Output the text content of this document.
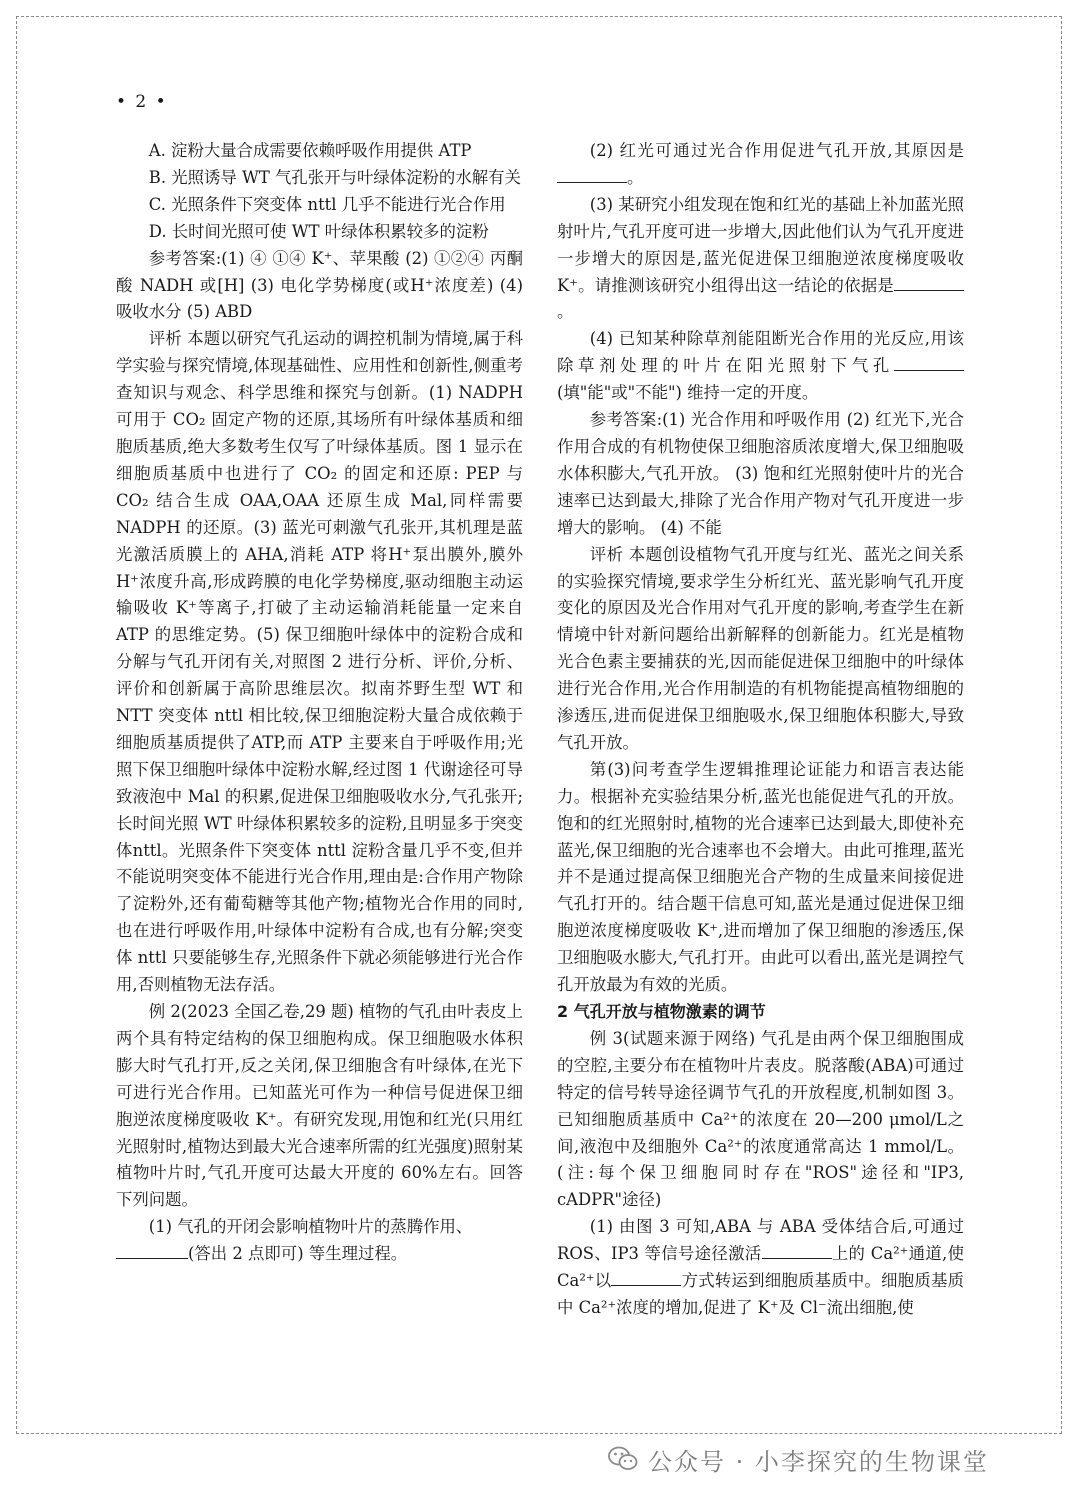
• 2 •

A. 淀粉大量合成需要依赖呼吸作用提供 ATP

B. 光照诱导 WT 气孔张开与叶绿体淀粉的水解有关

C. 光照条件下突变体 nttl 几乎不能进行光合作用

D. 长时间光照可使 WT 叶绿体积累较多的淀粉

参考答案:(1) ④ ①④ K⁺、苹果酸 (2) ①②④ 丙酮酸 NADH 或[H] (3) 电化学势梯度(或H⁺浓度差) (4) 吸收水分 (5) ABD

评析 本题以研究气孔运动的调控机制为情境,属于科学实验与探究情境,体现基础性、应用性和创新性,侧重考查知识与观念、科学思维和探究与创新。(1) NADPH 可用于 CO₂ 固定产物的还原,其场所有叶绿体基质和细胞质基质,绝大多数考生仅写了叶绿体基质。图 1 显示在细胞质基质中也进行了 CO₂ 的固定和还原: PEP 与 CO₂ 结合生成 OAA,OAA 还原生成 Mal,同样需要 NADPH 的还原。(3) 蓝光可刺激气孔张开,其机理是蓝光激活质膜上的 AHA,消耗 ATP 将H⁺泵出膜外,膜外 H⁺浓度升高,形成跨膜的电化学势梯度,驱动细胞主动运输吸收 K⁺等离子,打破了主动运输消耗能量一定来自 ATP 的思维定势。(5) 保卫细胞叶绿体中的淀粉合成和分解与气孔开闭有关,对照图 2 进行分析、评价,分析、评价和创新属于高阶思维层次。拟南芥野生型 WT 和 NTT 突变体 nttl 相比较,保卫细胞淀粉大量合成依赖于细胞质基质提供了ATP,而 ATP 主要来自于呼吸作用;光照下保卫细胞叶绿体中淀粉水解,经过图 1 代谢途径可导致液泡中 Mal 的积累,促进保卫细胞吸收水分,气孔张开;长时间光照 WT 叶绿体积累较多的淀粉,且明显多于突变体nttl。光照条件下突变体 nttl 淀粉含量几乎不变,但并不能说明突变体不能进行光合作用,理由是:合作用产物除了淀粉外,还有葡萄糖等其他产物;植物光合作用的同时,也在进行呼吸作用,叶绿体中淀粉有合成,也有分解;突变体 nttl 只要能够生存,光照条件下就必须能够进行光合作用,否则植物无法存活。

例 2(2023 全国乙卷,29 题) 植物的气孔由叶表皮上两个具有特定结构的保卫细胞构成。保卫细胞吸水体积膨大时气孔打开,反之关闭,保卫细胞含有叶绿体,在光下可进行光合作用。已知蓝光可作为一种信号促进保卫细胞逆浓度梯度吸收 K⁺。有研究发现,用饱和红光(只用红光照射时,植物达到最大光合速率所需的红光强度)照射某植物叶片时,气孔开度可达最大开度的 60%左右。回答下列问题。

(1) 气孔的开闭会影响植物叶片的蒸腾作用、
(答出 2 点即可) 等生理过程。

(2) 红光可通过光合作用促进气孔开放,其原因是。

(3) 某研究小组发现在饱和红光的基础上补加蓝光照射叶片,气孔开度可进一步增大,因此他们认为气孔开度进一步增大的原因是,蓝光促进保卫细胞逆浓度梯度吸收 K⁺。请推测该研究小组得出这一结论的依据是。

(4) 已知某种除草剂能阻断光合作用的光反应,用该除草剂处理的叶片在阳光照射下气孔(填"能"或"不能") 维持一定的开度。

参考答案:(1) 光合作用和呼吸作用 (2) 红光下,光合作用合成的有机物使保卫细胞溶质浓度增大,保卫细胞吸水体积膨大,气孔开放。 (3) 饱和红光照射使叶片的光合速率已达到最大,排除了光合作用产物对气孔开度进一步增大的影响。 (4) 不能

评析 本题创设植物气孔开度与红光、蓝光之间关系的实验探究情境,要求学生分析红光、蓝光影响气孔开度变化的原因及光合作用对气孔开度的影响,考查学生在新情境中针对新问题给出新解释的创新能力。红光是植物光合色素主要捕获的光,因而能促进保卫细胞中的叶绿体进行光合作用,光合作用制造的有机物能提高植物细胞的渗透压,进而促进保卫细胞吸水,保卫细胞体积膨大,导致气孔开放。

第(3)问考查学生逻辑推理论证能力和语言表达能力。根据补充实验结果分析,蓝光也能促进气孔的开放。饱和的红光照射时,植物的光合速率已达到最大,即使补充蓝光,保卫细胞的光合速率也不会增大。由此可推理,蓝光并不是通过提高保卫细胞光合产物的生成量来间接促进气孔打开的。结合题干信息可知,蓝光是通过促进保卫细胞逆浓度梯度吸收 K⁺,进而增加了保卫细胞的渗透压,保卫细胞吸水膨大,气孔打开。由此可以看出,蓝光是调控气孔开放最为有效的光质。

2 气孔开放与植物激素的调节

例 3(试题来源于网络) 气孔是由两个保卫细胞围成的空腔,主要分布在植物叶片表皮。脱落酸(ABA)可通过特定的信号转导途径调节气孔的开放程度,机制如图 3。已知细胞质基质中 Ca²⁺的浓度在 20—200 μmol/L之间,液泡中及细胞外 Ca²⁺的浓度通常高达 1 mmol/L。(注:每个保卫细胞同时存在"ROS"途径和"IP3, cADPR"途径)

(1) 由图 3 可知,ABA 与 ABA 受体结合后,可通过 ROS、IP3 等信号途径激活	上的 Ca²⁺通道,使 Ca²⁺以	方式转运到细胞质基质中。细胞质基质中 Ca²⁺浓度的增加,促进了 K⁺及 Cl⁻流出细胞,使

公众号 · 小李探究的生物课堂
